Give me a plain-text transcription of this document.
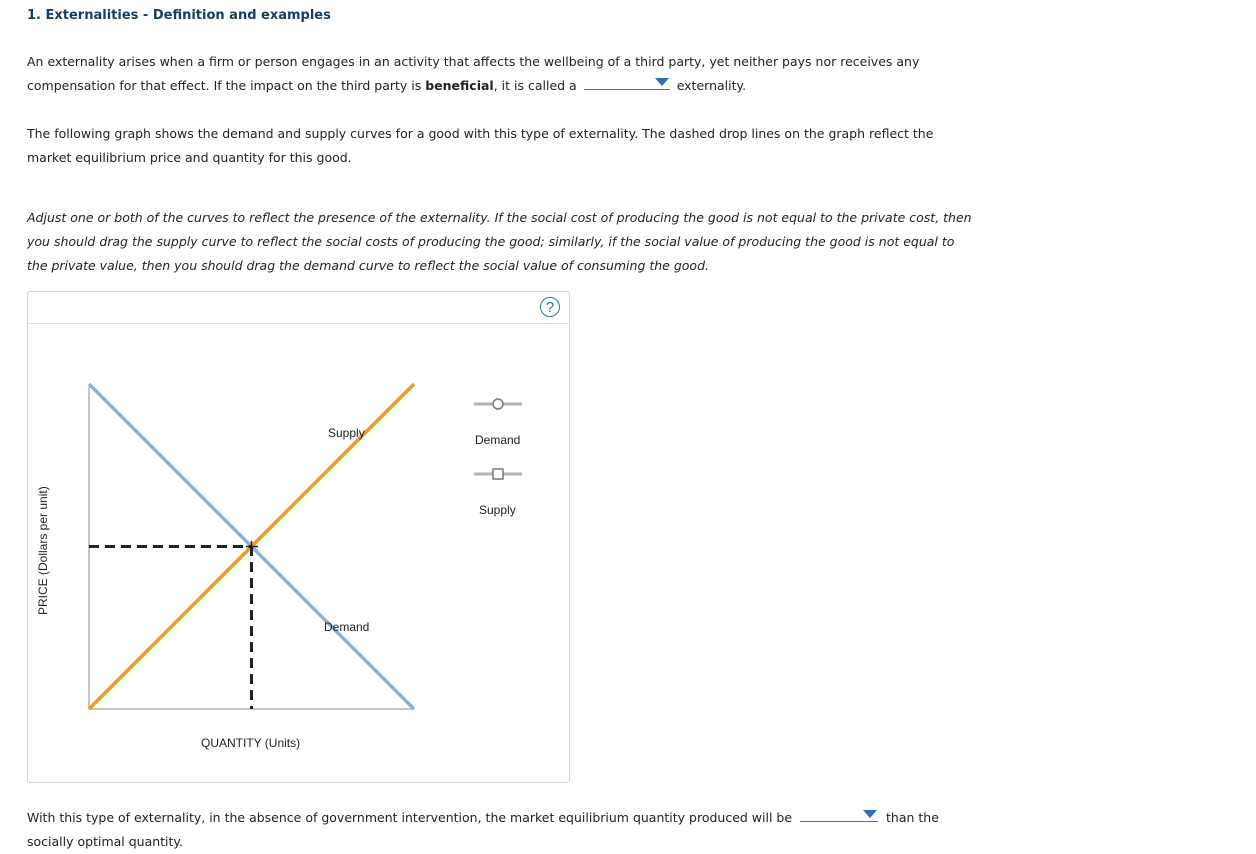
1. Externalities - Definition and examples
An externality arises when a firm or person engages in an activity that affects the wellbeing of a third party, yet neither pays nor receives any
compensation for that effect. If the impact on the third party is beneficial, it is called a	externality.
The following graph shows the demand and supply curves for a good with this type of externality. The dashed drop lines on the graph reflect the
market equilibrium price and quantity for this good.
Adjust one or both of the curves to reflect the presence of the externality. If the social cost of producing the good is not equal to the private cost, then
you should drag the supply curve to reflect the social costs of producing the good; similarly, if the social value of producing the good is not equal to
the private value, then you should drag the demand curve to reflect the social value of consuming the good.
?
Supply
Demand
QUANTITY (Units)
PRICE (Dollars per unit)
Demand
Supply
With this type of externality, in the absence of government intervention, the market equilibrium quantity produced will be	than the
socially optimal quantity.
